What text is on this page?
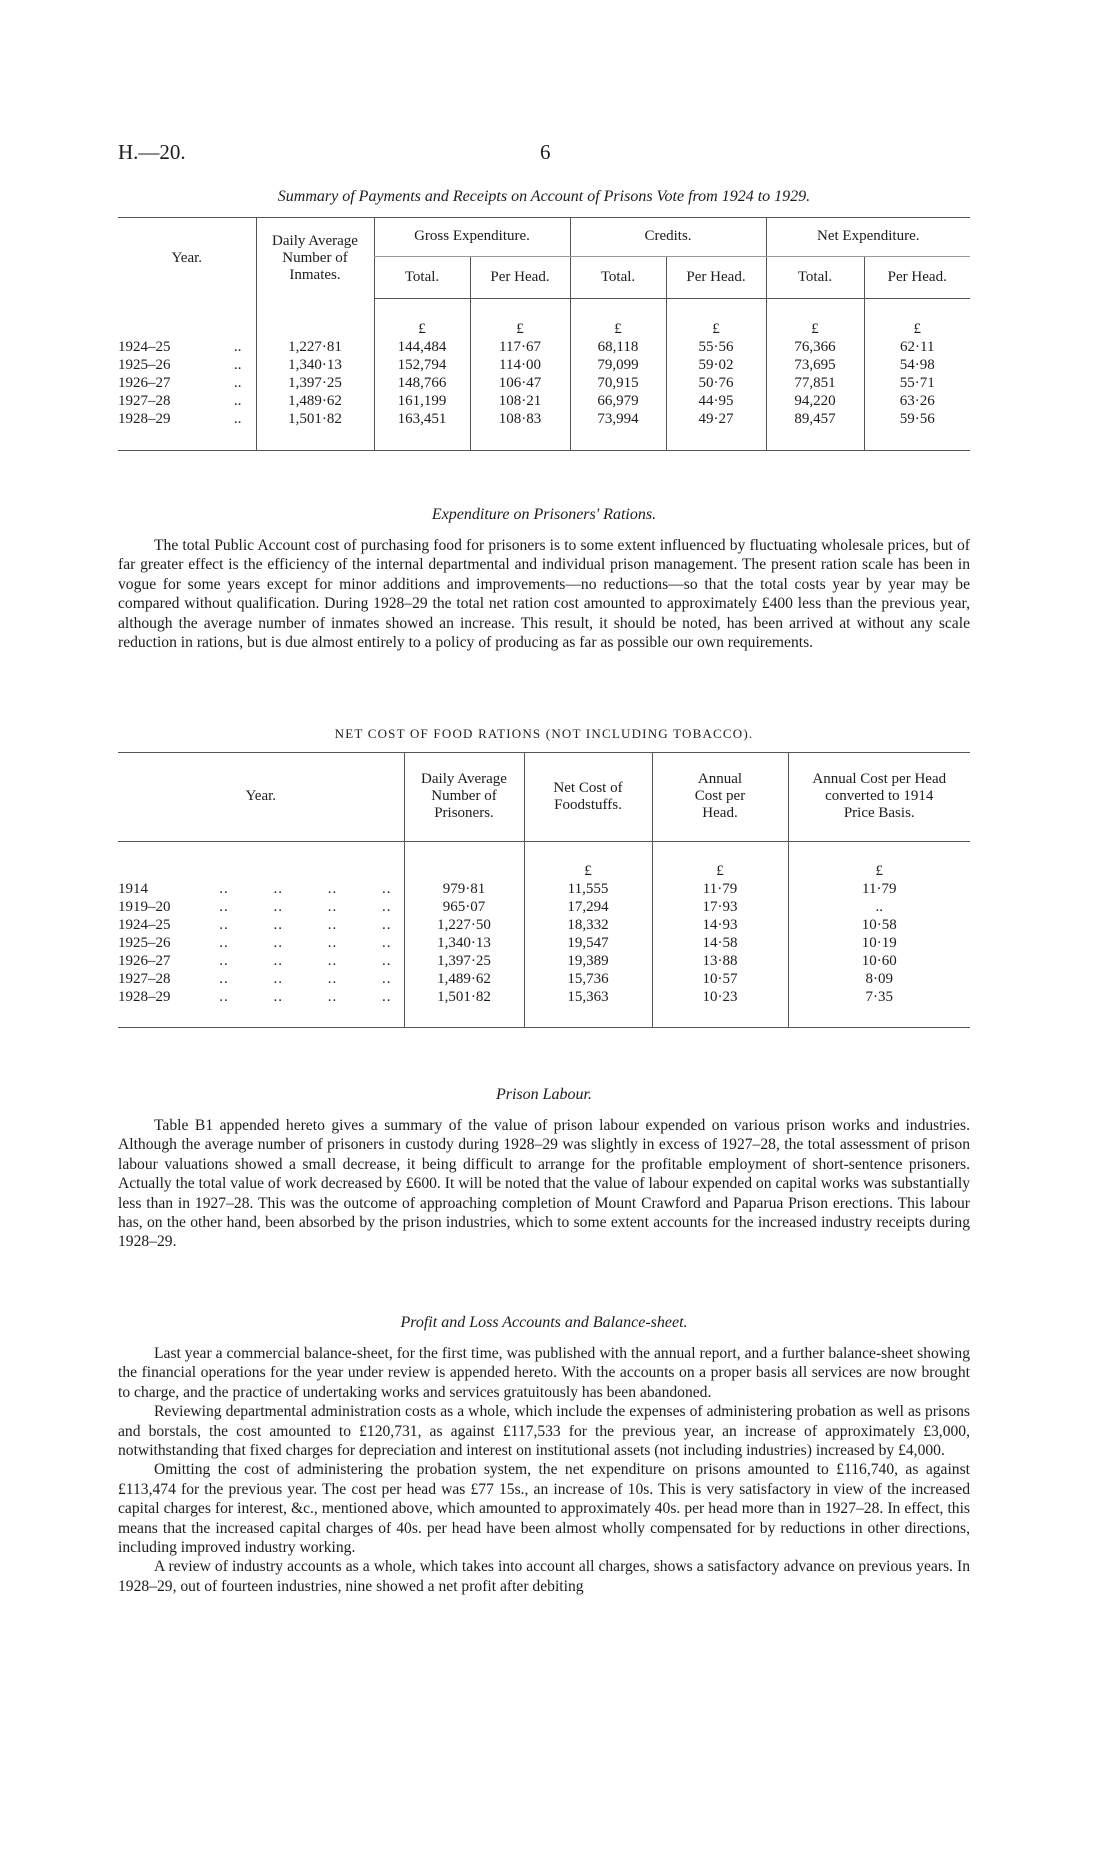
H.—20.	6
Summary of Payments and Receipts on Account of Prisons Vote from 1924 to 1929.

Year.	Daily Average Number of Inmates.	Gross Expenditure.		Credits.		Net Expenditure.	
		Total.	Per Head.	Total.	Per Head.	Total.	Per Head.

		£	£	£	£	£	£
1924–25 ..	1,227·81	144,484	117·67	68,118	55·56	76,366	62·11
1925–26 ..	1,340·13	152,794	114·00	79,099	59·02	73,695	54·98
1926–27 ..	1,397·25	148,766	106·47	70,915	50·76	77,851	55·71
1927–28 ..	1,489·62	161,199	108·21	66,979	44·95	94,220	63·26
1928–29 ..	1,501·82	163,451	108·83	73,994	49·27	89,457	59·56

Expenditure on Prisoners' Rations.

The total Public Account cost of purchasing food for prisoners is to some extent influenced by fluctuating wholesale prices, but of far greater effect is the efficiency of the internal departmental and individual prison management. The present ration scale has been in vogue for some years except for minor additions and improvements—no reductions—so that the total costs year by year may be compared without qualification. During 1928–29 the total net ration cost amounted to approximately £400 less than the previous year, although the average number of inmates showed an increase. This result, it should be noted, has been arrived at without any scale reduction in rations, but is due almost entirely to a policy of producing as far as possible our own requirements.

NET COST OF FOOD RATIONS (NOT INCLUDING TOBACCO).

Year.	Daily Average Number of Prisoners.	Net Cost of Foodstuffs.	Annual Cost per Head.	Annual Cost per Head converted to 1914 Price Basis.

		£	£	£
1914 .. .. .. ..	979·81	11,555	11·79	11·79
1919–20 .. .. .. ..	965·07	17,294	17·93	..
1924–25 .. .. .. ..	1,227·50	18,332	14·93	10·58
1925–26 .. .. .. ..	1,340·13	19,547	14·58	10·19
1926–27 .. .. .. ..	1,397·25	19,389	13·88	10·60
1927–28 .. .. .. ..	1,489·62	15,736	10·57	8·09
1928–29 .. .. .. ..	1,501·82	15,363	10·23	7·35

Prison Labour.

Table B1 appended hereto gives a summary of the value of prison labour expended on various prison works and industries. Although the average number of prisoners in custody during 1928–29 was slightly in excess of 1927–28, the total assessment of prison labour valuations showed a small decrease, it being difficult to arrange for the profitable employment of short-sentence prisoners. Actually the total value of work decreased by £600. It will be noted that the value of labour expended on capital works was substantially less than in 1927–28. This was the outcome of approaching completion of Mount Crawford and Paparua Prison erections. This labour has, on the other hand, been absorbed by the prison industries, which to some extent accounts for the increased industry receipts during 1928–29.

Profit and Loss Accounts and Balance-sheet.

Last year a commercial balance-sheet, for the first time, was published with the annual report, and a further balance-sheet showing the financial operations for the year under review is appended hereto. With the accounts on a proper basis all services are now brought to charge, and the practice of undertaking works and services gratuitously has been abandoned.

Reviewing departmental administration costs as a whole, which include the expenses of administering probation as well as prisons and borstals, the cost amounted to £120,731, as against £117,533 for the previous year, an increase of approximately £3,000, notwithstanding that fixed charges for depreciation and interest on institutional assets (not including industries) increased by £4,000.

Omitting the cost of administering the probation system, the net expenditure on prisons amounted to £116,740, as against £113,474 for the previous year. The cost per head was £77 15s., an increase of 10s. This is very satisfactory in view of the increased capital charges for interest, &c., mentioned above, which amounted to approximately 40s. per head more than in 1927–28. In effect, this means that the increased capital charges of 40s. per head have been almost wholly compensated for by reductions in other directions, including improved industry working.

A review of industry accounts as a whole, which takes into account all charges, shows a satisfactory advance on previous years. In 1928–29, out of fourteen industries, nine showed a net profit after debiting
